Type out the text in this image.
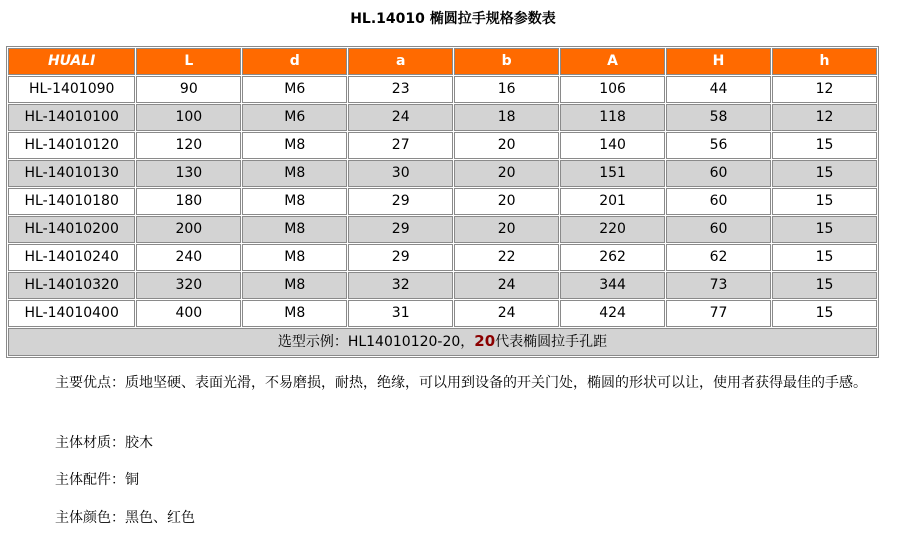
HL.14010 椭圆拉手规格参数表
HUALI	L	d	a	b	A	H	h
HL-1401090	90	M6	23	16	106	44	12
HL-14010100	100	M6	24	18	118	58	12
HL-14010120	120	M8	27	20	140	56	15
HL-14010130	130	M8	30	20	151	60	15
HL-14010180	180	M8	29	20	201	60	15
HL-14010200	200	M8	29	20	220	60	15
HL-14010240	240	M8	29	22	262	62	15
HL-14010320	320	M8	32	24	344	73	15
HL-14010400	400	M8	31	24	424	77	15
选型示例：HL14010120-20，20代表椭圆拉手孔距							

主要优点：质地坚硬、表面光滑，不易磨损，耐热，绝缘，可以用到设备的开关门处，椭圆的形状可以让，使用者获得最佳的手感。

主体材质：胶木

主体配件：铜

主体颜色：黑色、红色
